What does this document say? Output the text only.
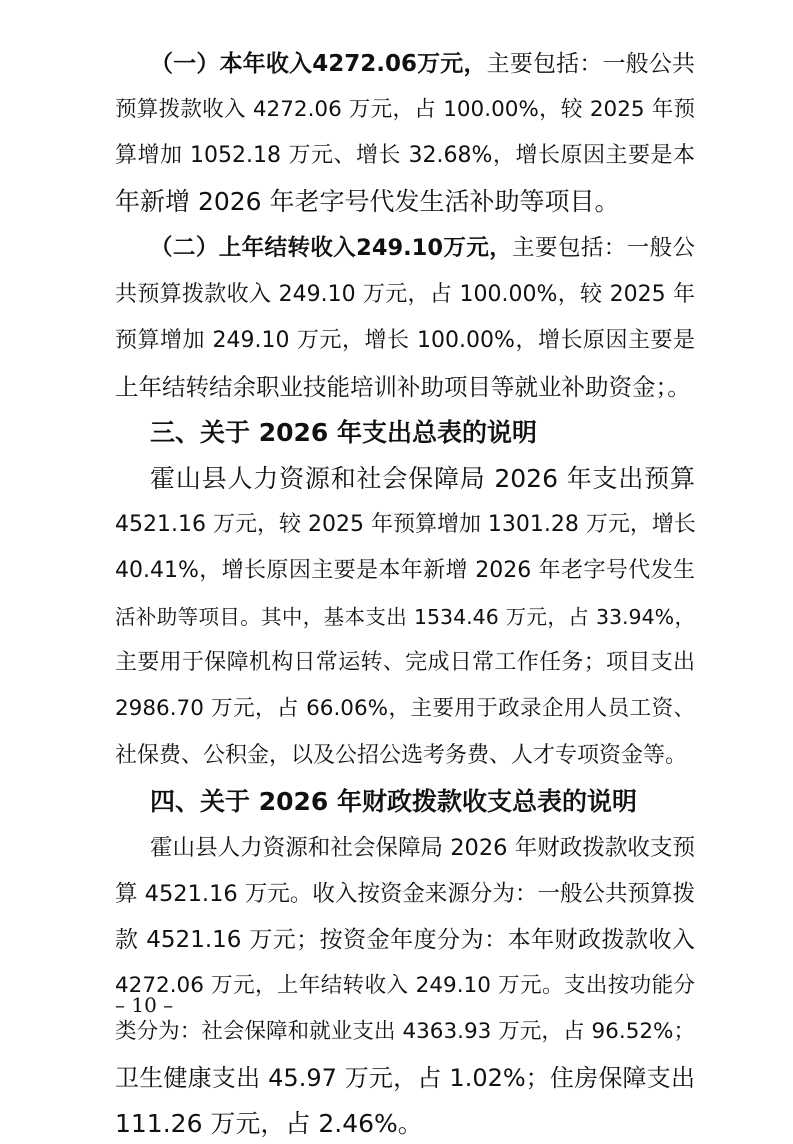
（一）本年收入4272.06万元，主要包括：一般公共
预算拨款收入 4272.06 万元，占 100.00%，较 2025 年预
算增加 1052.18 万元、增长 32.68%，增长原因主要是本
年新增 2026 年老字号代发生活补助等项目。
（二）上年结转收入249.10万元，主要包括：一般公
共预算拨款收入 249.10 万元，占 100.00%，较 2025 年
预算增加 249.10 万元，增长 100.00%，增长原因主要是
上年结转结余职业技能培训补助项目等就业补助资金；。
三、关于 2026 年支出总表的说明
霍山县人力资源和社会保障局 2026 年支出预算
4521.16 万元，较 2025 年预算增加 1301.28 万元，增长
40.41%，增长原因主要是本年新增 2026 年老字号代发生
活补助等项目。其中，基本支出 1534.46 万元，占 33.94%，
主要用于保障机构日常运转、完成日常工作任务；项目支出
2986.70 万元，占 66.06%，主要用于政录企用人员工资、
社保费、公积金，以及公招公选考务费、人才专项资金等。
四、关于 2026 年财政拨款收支总表的说明
霍山县人力资源和社会保障局 2026 年财政拨款收支预
算 4521.16 万元。收入按资金来源分为：一般公共预算拨
款 4521.16 万元；按资金年度分为：本年财政拨款收入
4272.06 万元，上年结转收入 249.10 万元。支出按功能分
类分为：社会保障和就业支出 4363.93 万元，占 96.52%；
卫生健康支出 45.97 万元，占 1.02%；住房保障支出
111.26 万元，占 2.46%。
– 10 –
